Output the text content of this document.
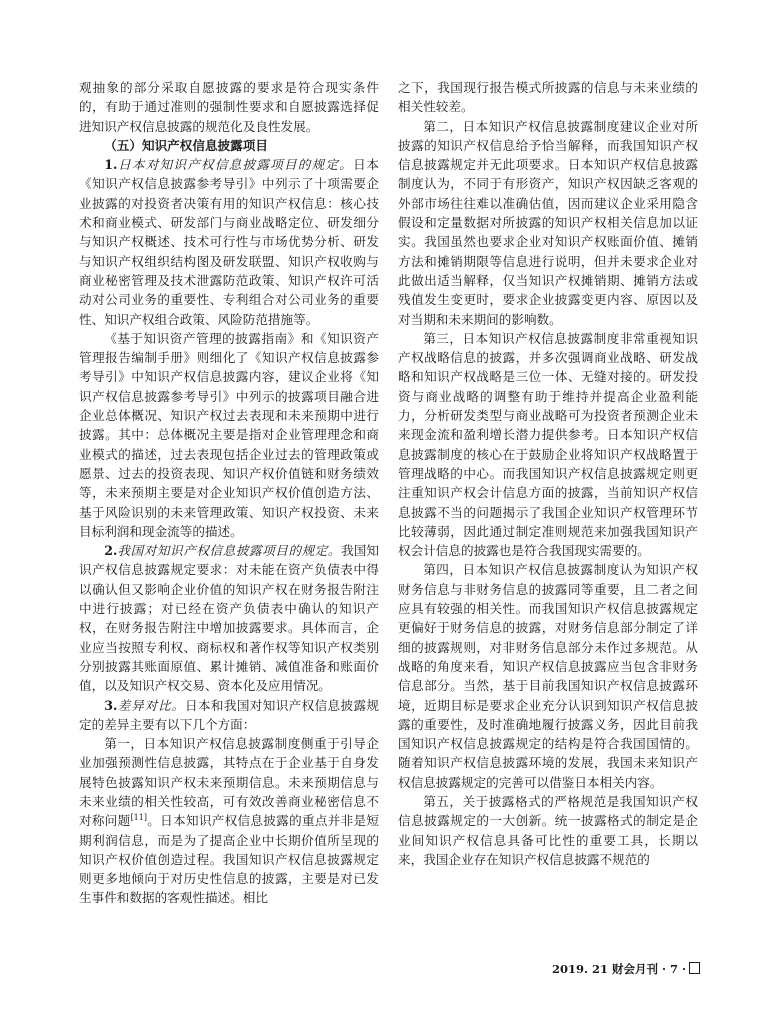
观抽象的部分采取自愿披露的要求是符合现实条件的，有助于通过准则的强制性要求和自愿披露选择促进知识产权信息披露的规范化及良性发展。

（五）知识产权信息披露项目

1.日本对知识产权信息披露项目的规定。日本《知识产权信息披露参考导引》中列示了十项需要企业披露的对投资者决策有用的知识产权信息：核心技术和商业模式、研发部门与商业战略定位、研发细分与知识产权概述、技术可行性与市场优势分析、研发与知识产权组织结构图及研发联盟、知识产权收购与商业秘密管理及技术泄露防范政策、知识产权许可活动对公司业务的重要性、专利组合对公司业务的重要性、知识产权组合政策、风险防范措施等。

《基于知识资产管理的披露指南》和《知识资产管理报告编制手册》则细化了《知识产权信息披露参考导引》中知识产权信息披露内容，建议企业将《知识产权信息披露参考导引》中列示的披露项目融合进企业总体概况、知识产权过去表现和未来预期中进行披露。其中：总体概况主要是指对企业管理理念和商业模式的描述，过去表现包括企业过去的管理政策或愿景、过去的投资表现、知识产权价值链和财务绩效等，未来预期主要是对企业知识产权价值创造方法、基于风险识别的未来管理政策、知识产权投资、未来目标利润和现金流等的描述。

2.我国对知识产权信息披露项目的规定。我国知识产权信息披露规定要求：对未能在资产负债表中得以确认但又影响企业价值的知识产权在财务报告附注中进行披露；对已经在资产负债表中确认的知识产权，在财务报告附注中增加披露要求。具体而言，企业应当按照专利权、商标权和著作权等知识产权类别分别披露其账面原值、累计摊销、减值准备和账面价值，以及知识产权交易、资本化及应用情况。

3.差异对比。日本和我国对知识产权信息披露规定的差异主要有以下几个方面：

第一，日本知识产权信息披露制度侧重于引导企业加强预测性信息披露，其特点在于企业基于自身发展特色披露知识产权未来预期信息。未来预期信息与未来业绩的相关性较高，可有效改善商业秘密信息不对称问题[11]。日本知识产权信息披露的重点并非是短期利润信息，而是为了提高企业中长期价值所呈现的知识产权价值创造过程。我国知识产权信息披露规定则更多地倾向于对历史性信息的披露，主要是对已发生事件和数据的客观性描述。相比

之下，我国现行报告模式所披露的信息与未来业绩的相关性较差。

第二，日本知识产权信息披露制度建议企业对所披露的知识产权信息给予恰当解释，而我国知识产权信息披露规定并无此项要求。日本知识产权信息披露制度认为，不同于有形资产，知识产权因缺乏客观的外部市场往往难以准确估值，因而建议企业采用隐含假设和定量数据对所披露的知识产权相关信息加以证实。我国虽然也要求企业对知识产权账面价值、摊销方法和摊销期限等信息进行说明，但并未要求企业对此做出适当解释，仅当知识产权摊销期、摊销方法或残值发生变更时，要求企业披露变更内容、原因以及对当期和未来期间的影响数。

第三，日本知识产权信息披露制度非常重视知识产权战略信息的披露，并多次强调商业战略、研发战略和知识产权战略是三位一体、无缝对接的。研发投资与商业战略的调整有助于维持并提高企业盈利能力，分析研发类型与商业战略可为投资者预测企业未来现金流和盈利增长潜力提供参考。日本知识产权信息披露制度的核心在于鼓励企业将知识产权战略置于管理战略的中心。而我国知识产权信息披露规定则更注重知识产权会计信息方面的披露，当前知识产权信息披露不当的问题揭示了我国企业知识产权管理环节比较薄弱，因此通过制定准则规范来加强我国知识产权会计信息的披露也是符合我国现实需要的。

第四，日本知识产权信息披露制度认为知识产权财务信息与非财务信息的披露同等重要，且二者之间应具有较强的相关性。而我国知识产权信息披露规定更偏好于财务信息的披露，对财务信息部分制定了详细的披露规则，对非财务信息部分未作过多规范。从战略的角度来看，知识产权信息披露应当包含非财务信息部分。当然，基于目前我国知识产权信息披露环境，近期目标是要求企业充分认识到知识产权信息披露的重要性，及时准确地履行披露义务，因此目前我国知识产权信息披露规定的结构是符合我国国情的。随着知识产权信息披露环境的发展，我国未来知识产权信息披露规定的完善可以借鉴日本相关内容。

第五，关于披露格式的严格规范是我国知识产权信息披露规定的一大创新。统一披露格式的制定是企业间知识产权信息具备可比性的重要工具，长期以来，我国企业存在知识产权信息披露不规范的

2019. 21 财会月刊 · 7 ·
